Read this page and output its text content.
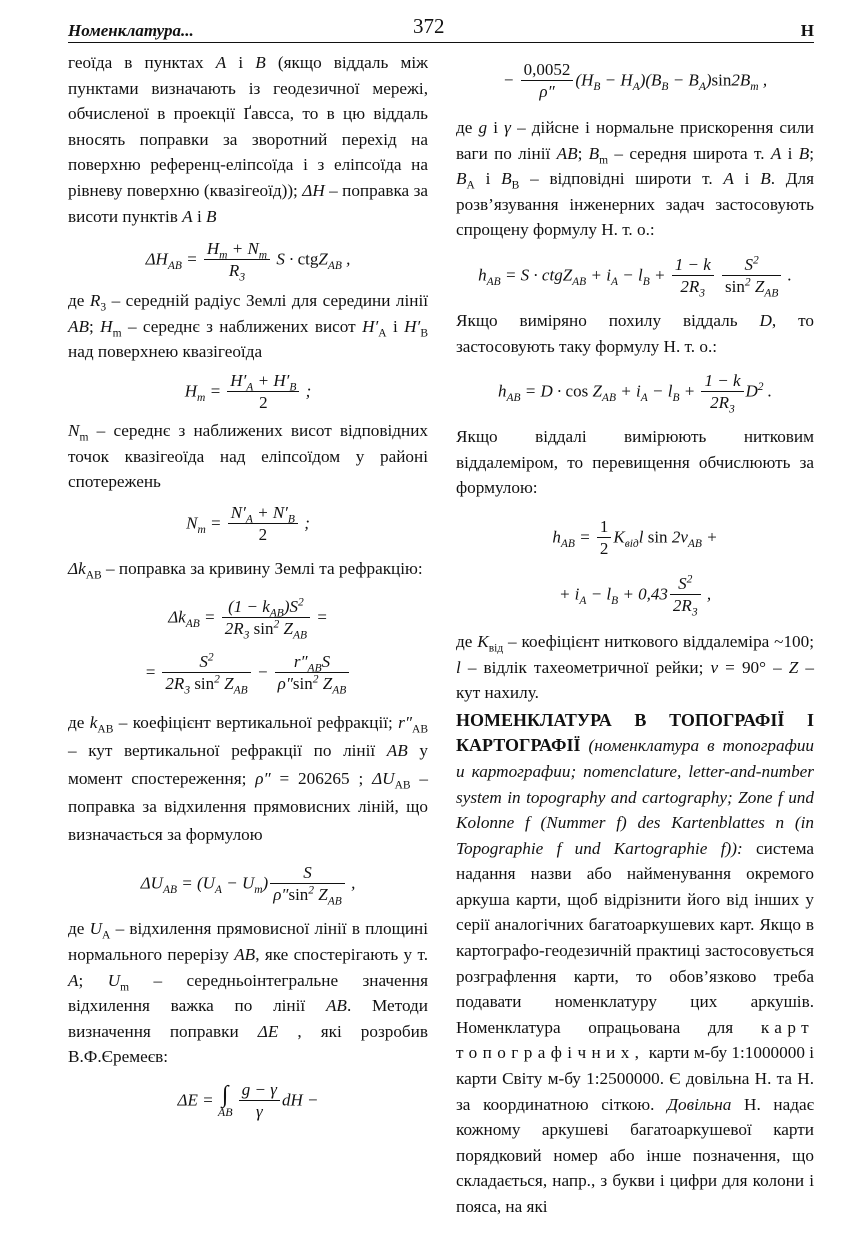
Номенклатура...	372	Н

геоїда в пунктах A і B (якщо віддаль між пунктами визначають із геодезичної мережі, обчисленої в проекції Ґавсса, то в цю віддаль вносять поправки за зворотний перехід на поверхню референц-еліпсоїда і з еліпсоїда на рівневу поверхню (квазігеоїд)); ΔH – поправка за висоти пунктів A і B

$\Delta H_{AB} = \frac{H_m + N_m}{R_3}$ S · ctgZ$_{AB}$ ,

де $R_3$ – середній радіус Землі для середини лінії AB; $H_m$ – середнє з наближених висот $H'_A$ і $H'_B$ над поверхнею квазігеоїда

$H_m = \frac{H'_A + H'_B}{2}$ ;

$N_m$ – середнє з наближених висот відповідних точок квазігеоїда над еліпсоїдом у районі спотережень

$N_m = \frac{N'_A + N'_B}{2}$ ;

$\Delta k_{AB}$ – поправка за кривину Землі та рефракцію:

$\Delta k_{AB} = \frac{(1 - k_{AB})S^2}{2R_3 \sin^2 Z_{AB}}$ =
= $\frac{S^2}{2R_3 \sin^2 Z_{AB}} - \frac{r''_{AB}S}{\rho''\sin^2 Z_{AB}}$

де $k_{AB}$ – коефіцієнт вертикальної рефракції; $r''_{AB}$ – кут вертикальної рефракції по лінії AB у момент спостереження; ρ″ = 206265 ; $\Delta U_{AB}$ – поправка за відхилення прямовисних ліній, що визначається за формулою

$\Delta U_{AB} = (U_A - U_m) \frac{S}{\rho''\sin^2 Z_{AB}}$ ,

де $U_A$ – відхилення прямовисної лінії в площині нормального перерізу AB, яке спостерігають у т. A; $U_m$ – середньоінтегральне значення відхилення важка по лінії AB. Методи визначення поправки ΔE , які розробив В.Ф.Єремеєв:

ΔE = ∫
AB
$\frac{g - \gamma}{\gamma}$ dH −
− $\frac{0,0052}{\rho''} (H_B - H_A)(B_B - B_A)\sin 2B_m$ ,

де g і γ – дійсне і нормальне прискорення сили ваги по лінії AB; $B_m$ – середня широта т. A і B; $B_A$ і $B_B$ – відповідні широти т. A і B. Для розв’язування інженерних задач застосовують спрощену формулу Н. т. о.:

$h_{AB} = S$ · ctgZ$_{AB}$ + $i_A - l_B + \frac{1 - k}{2R_3}$
$\frac{S^2}{\sin^2 Z_{AB}}$ .

Якщо виміряно похилу віддаль D, то застосовують таку формулу Н. т. о.:

$h_{AB} = D \cdot \cos Z_{AB} + i_A - l_B + \frac{1 - k}{2R_3} D^2$ .

Якщо віддалі вимірюють нитковим віддалеміром, то перевищення обчислюють за формулою:

$h_{AB} = \frac{1}{2} K_{від}l$ $\sin 2\nu_{AB}$ +
+ $i_A - l_B + 0,43 \frac{S^2}{2R_3}$ ,

де $K_{від}$ – коефіцієнт ниткового віддалеміра ~100; l – відлік тахеометричної рейки; ν = 90° – Z – кут нахилу.

НОМЕНКЛАТУРА В ТОПОГРАФІЇ І КАРТОГРАФІЇ (номенклатура в топографии и картографии; nomenclature, letter-and-number system in topography and cartography; Zone f und Kolonne f (Nummer f) des Kartenblattes n (in Topographie f und Kartographie f)): система надання назви або найменування окремого аркуша карти, щоб відрізнити його від інших у серії аналогічних багатоаркушевих карт. Якщо в картографо-геодезичній практиці застосовується розграфлення карти, то обов’язково треба подавати номенклатуру цих аркушів. Номенклатура опрацьована для карт топографічних, карти м-бу 1:1000000 і карти Світу м-бу 1:2500000. Є довільна Н. та Н. за координатною сіткою. Довільна Н. надає кожному аркушеві багатоаркушевої карти порядковий номер або інше позначення, що складається, напр., з букви і цифри для колони і пояса, на які
